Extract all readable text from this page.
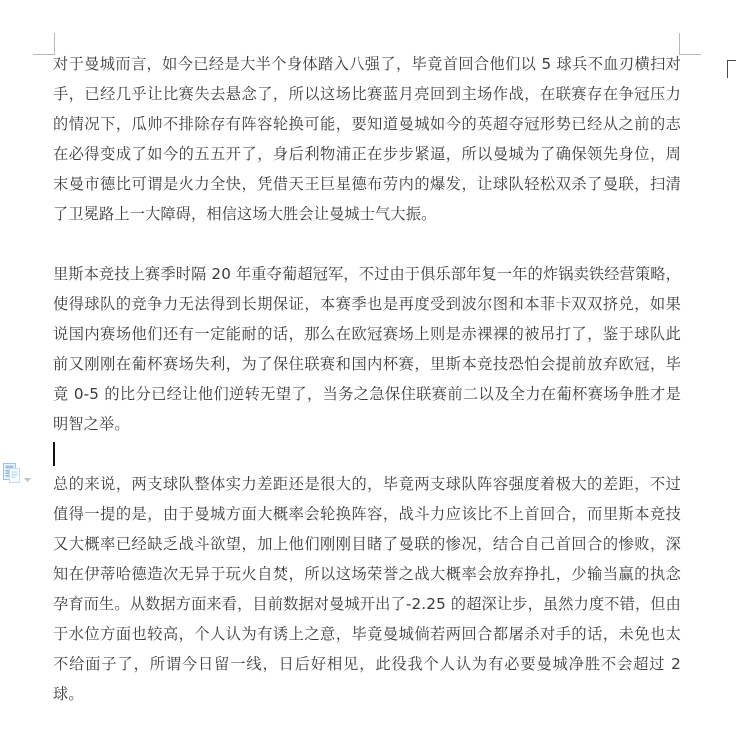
对于曼城而言，如今已经是大半个身体踏入八强了，毕竟首回合他们以 5 球兵不血刃横扫对手，已经几乎让比赛失去悬念了，所以这场比赛蓝月亮回到主场作战，在联赛存在争冠压力的情况下，瓜帅不排除存有阵容轮换可能，要知道曼城如今的英超夺冠形势已经从之前的志在必得变成了如今的五五开了，身后利物浦正在步步紧逼，所以曼城为了确保领先身位，周末曼市德比可谓是火力全快，凭借天王巨星德布劳内的爆发，让球队轻松双杀了曼联，扫清了卫冕路上一大障碍，相信这场大胜会让曼城士气大振。

里斯本竞技上赛季时隔 20 年重夺葡超冠军，不过由于俱乐部年复一年的炸锅卖铁经营策略，使得球队的竞争力无法得到长期保证，本赛季也是再度受到波尔图和本菲卡双双挤兑，如果说国内赛场他们还有一定能耐的话，那么在欧冠赛场上则是赤裸裸的被吊打了，鉴于球队此前又刚刚在葡杯赛场失利，为了保住联赛和国内杯赛，里斯本竞技恐怕会提前放弃欧冠，毕竟 0-5 的比分已经让他们逆转无望了，当务之急保住联赛前二以及全力在葡杯赛场争胜才是明智之举。

总的来说，两支球队整体实力差距还是很大的，毕竟两支球队阵容强度着极大的差距，不过值得一提的是，由于曼城方面大概率会轮换阵容，战斗力应该比不上首回合，而里斯本竞技又大概率已经缺乏战斗欲望，加上他们刚刚目睹了曼联的惨况，结合自己首回合的惨败，深知在伊蒂哈德造次无异于玩火自焚，所以这场荣誉之战大概率会放弃挣扎，少输当赢的执念孕育而生。从数据方面来看，目前数据对曼城开出了-2.25 的超深让步，虽然力度不错，但由于水位方面也较高，个人认为有诱上之意，毕竟曼城倘若两回合都屠杀对手的话，未免也太不给面子了，所谓今日留一线，日后好相见，此役我个人认为有必要曼城净胜不会超过 2 球。
